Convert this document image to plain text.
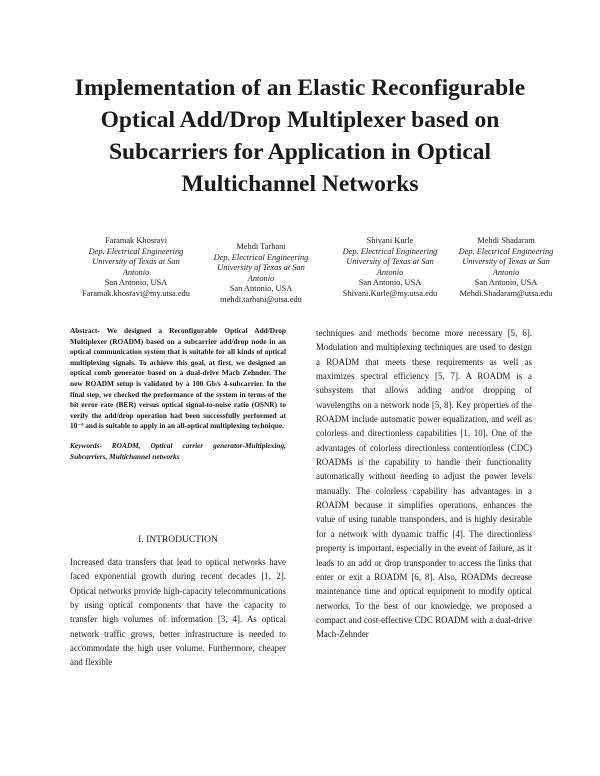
Implementation of an Elastic Reconfigurable
Optical Add/Drop Multiplexer based on
Subcarriers for Application in Optical
Multichannel Networks
Faramak Khosravi
Dep. Electrical Engineering
University of Texas at San
Antonio
San Antonio, USA
Faramak.khosravi@my.utsa.edu
Mehdi Tarhani
Dep. Electrical Engineering
University of Texas at San
Antonio
San Antonio, USA
mehdi.tarhani@utsa.edu
Shivani Kurle
Dep. Electrical Engineering
University of Texas at San
Antonio
San Antonio, USA
Shivani.Kurle@my.utsa.edu
Mehdi Shadaram
Dep. Electrical Engineering
University of Texas at San
Antonio
San Antonio, USA
Mehdi.Shadaram@utsa.edu
Abstract- We designed a Reconfigurable Optical Add/Drop Multiplexer (ROADM) based on a subcarrier add/drop node in an optical communication system that is suitable for all kinds of optical multiplexing signals. To achieve this goal, at first, we designed an optical comb generator based on a dual-drive Mach Zehnder. The new ROADM setup is validated by a 100 Gb/s 4-subcarrier. In the final step, we checked the performance of the system in terms of the bit error rate (BER) versus optical signal-to-noise ratio (OSNR) to verify the add/drop operation had been successfully performed at 10⁻⁹ and is suitable to apply in an all-optical multiplexing technique.
Keywords- ROADM, Optical carrier generator-Multiplexing, Subcarriers, Multichannel networks
I. INTRODUCTION
Increased data transfers that lead to optical networks have faced exponential growth during recent decades [1, 2]. Optical networks provide high-capacity telecommunications by using optical components that have the capacity to transfer high volumes of information [3, 4]. As optical network traffic grows, better infrastructure is needed to accommodate the high user volume. Furthermore, cheaper and flexible
techniques and methods become more necessary [5, 6]. Modulation and multiplexing techniques are used to design a ROADM that meets these requirements as well as maximizes spectral efficiency [5, 7]. A ROADM is a subsystem that allows adding and/or dropping of wavelengths on a network node [5, 8]. Key properties of the ROADM include automatic power equalization, and well as colorless and directionless capabilities [1, 10]. One of the advantages of colorless directionless contentionless (CDC) ROADMs is the capability to handle their functionality automatically without needing to adjust the power levels manually. The colorless capability has advantages in a ROADM because it simplifies operations, enhances the value of using tunable transponders, and is highly desirable for a network with dynamic traffic [4]. The directionless property is important, especially in the event of failure, as it leads to an add or drop transponder to access the links that enter or exit a ROADM [6, 8]. Also, ROADMs decrease maintenance time and optical equipment to modify optical networks. To the best of our knowledge, we proposed a compact and cost-effective CDC ROADM with a dual-drive Mach-Zehnder
